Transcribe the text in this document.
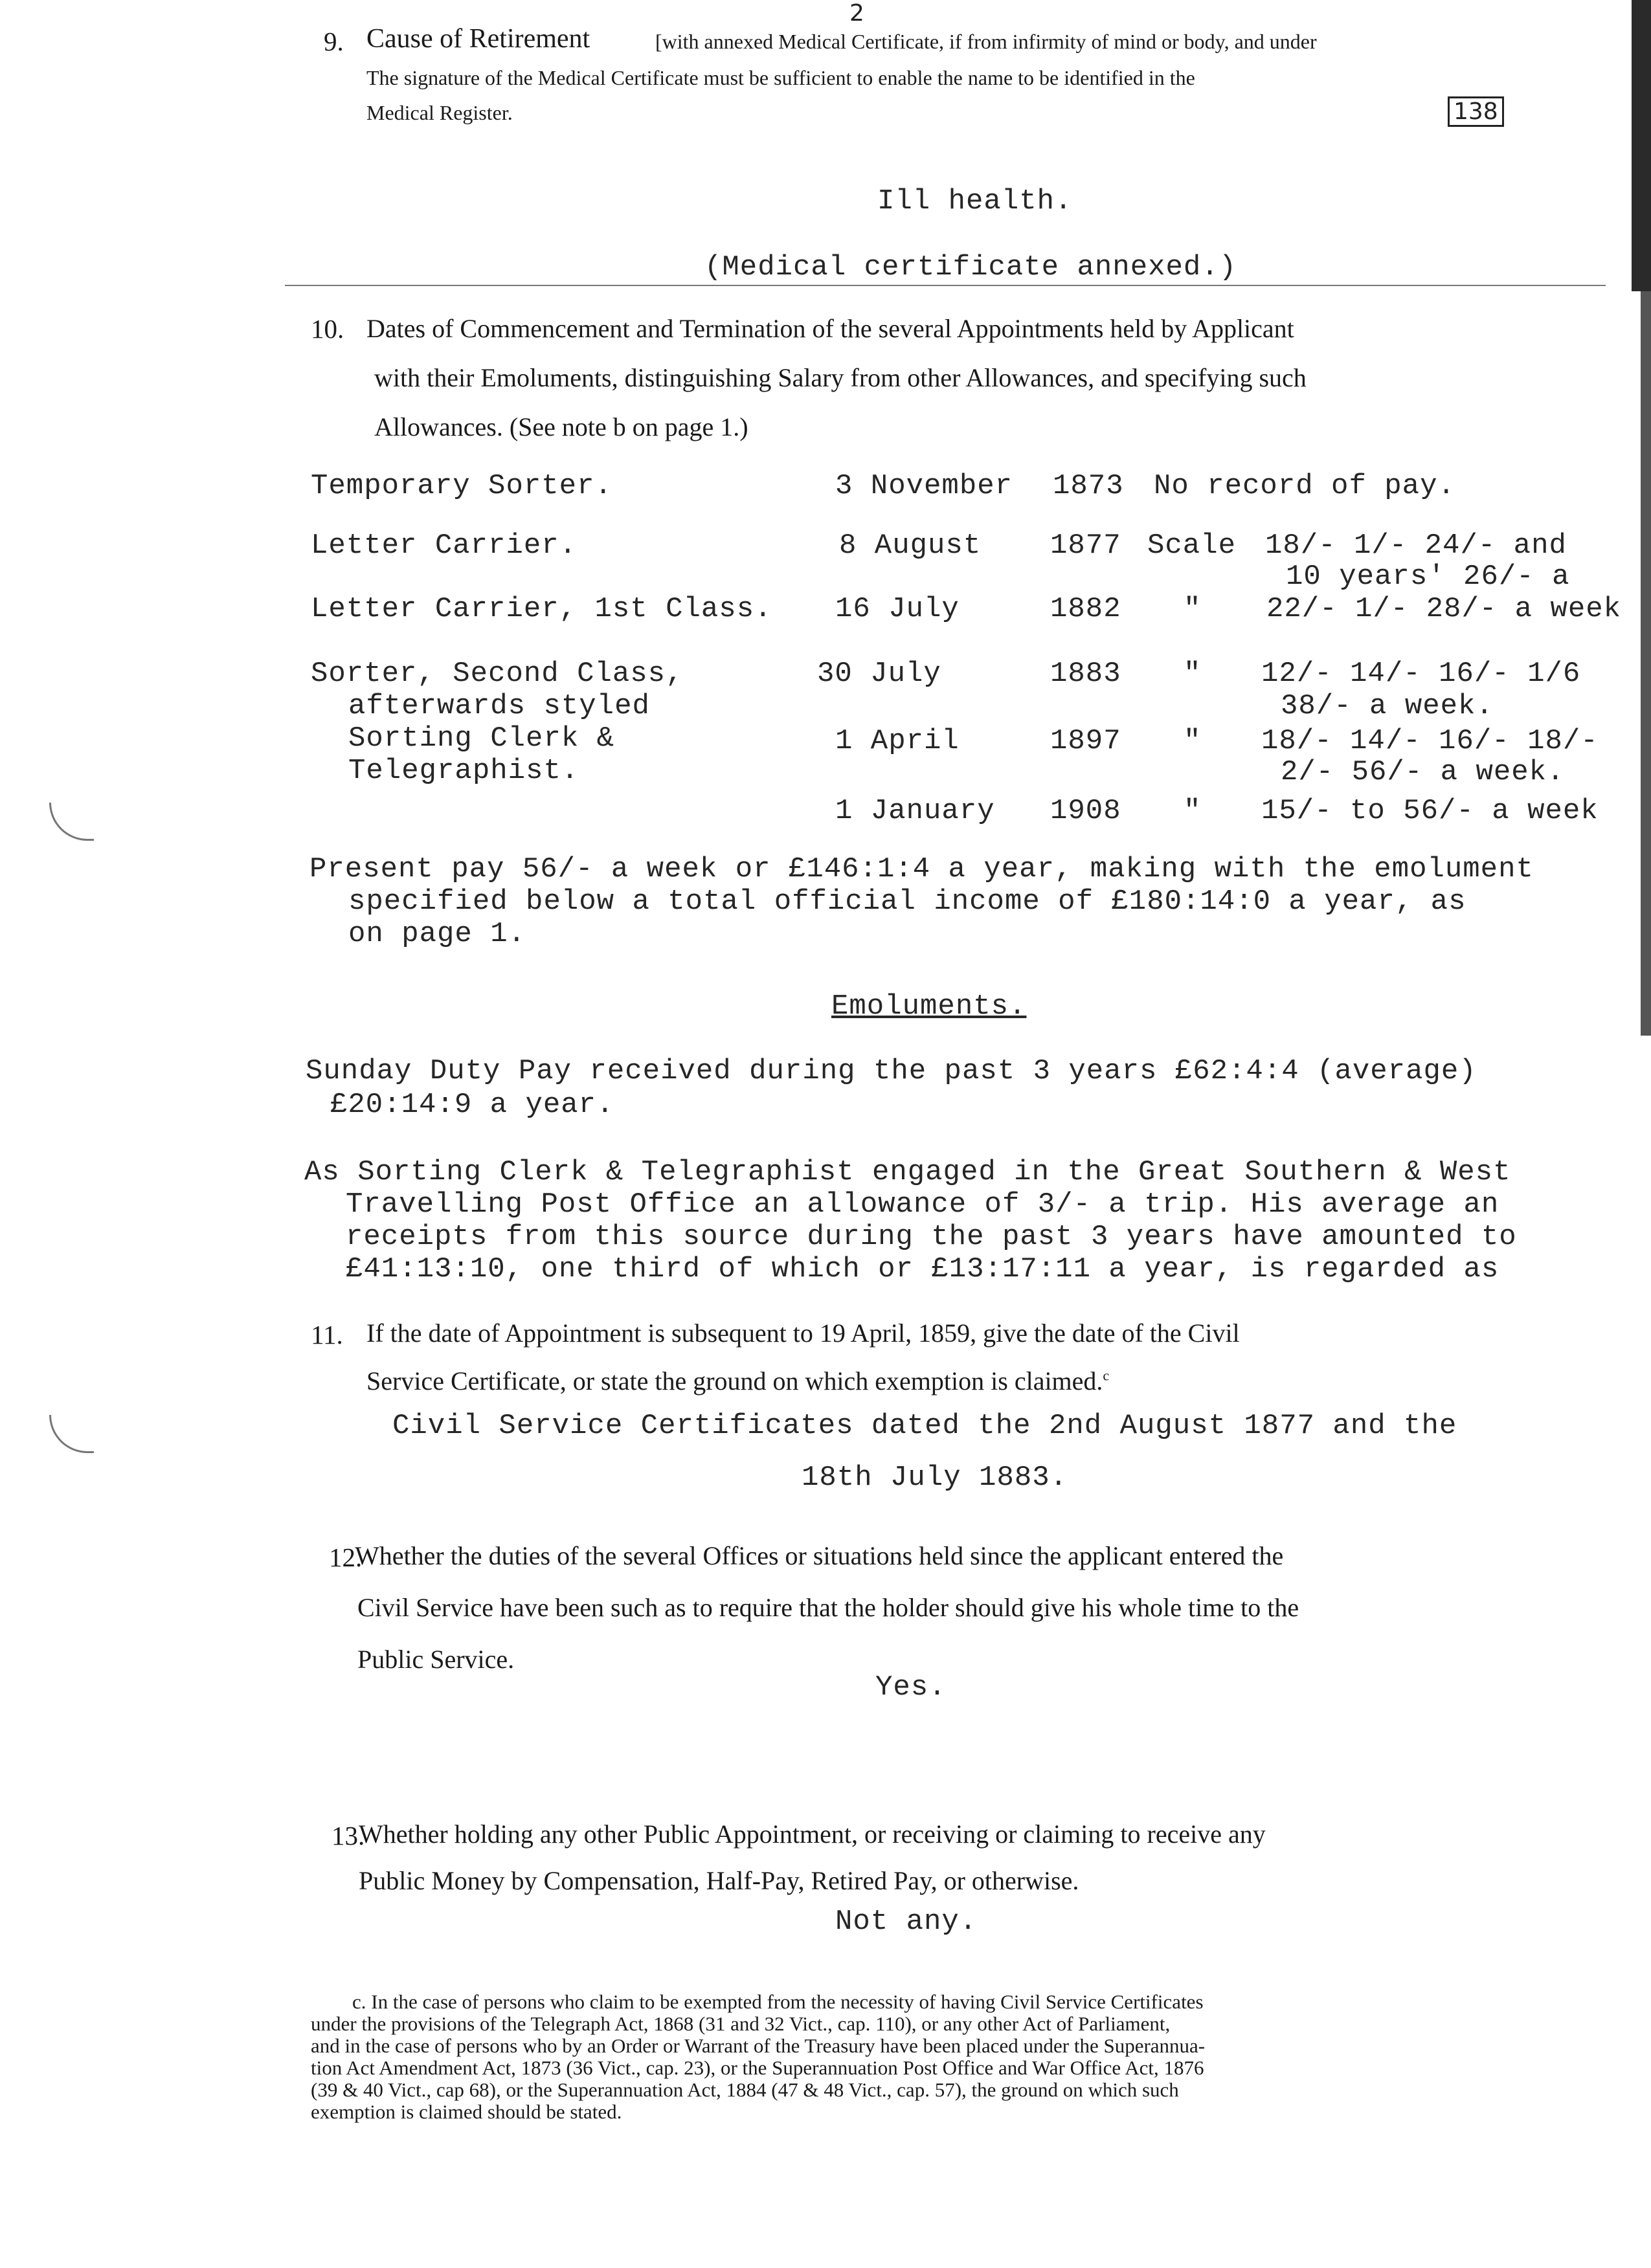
2
9. Cause of Retirement	[with annexed Medical Certificate, if from infirmity of mind or body, and under
The signature of the Medical Certificate must be sufficient to enable the name to be identified in the
Medical Register.	138
Ill health.
(Medical certificate annexed.)
10. Dates of Commencement and Termination of the several Appointments held by Applicant
with their Emoluments, distinguishing Salary from other Allowances, and specifying such
Allowances. (See note b on page 1.)
Temporary Sorter.	3 November 1873 No record of pay.
Letter Carrier.	8 August 1877 Scale 18/- 1/- 24/- and
10 years' 26/- a
Letter Carrier, 1st Class. 16 July	1882 " 22/- 1/- 28/- a week
Sorter, Second Class,
afterwards styled
30 July	1883 " 12/- 14/- 16/- 1/6
38/- a week.
Sorting Clerk &
Telegraphist.
1 April	1897 " 18/- 14/- 16/- 18/-
2/- 56/- a week.
1 January 1908 " 15/- to 56/- a week
Present pay 56/- a week or £146:1:4 a year, making with the emolument
specified below a total official income of £180:14:0 a year, as
on page 1.
Emoluments.
Sunday Duty Pay received during the past 3 years £62:4:4 (average)
£20:14:9 a year.
As Sorting Clerk & Telegraphist engaged in the Great Southern & West
Travelling Post Office an allowance of 3/- a trip. His average an
receipts from this source during the past 3 years have amounted to
£41:13:10, one third of which or £13:17:11 a year, is regarded as
11. If the date of Appointment is subsequent to 19 April, 1859, give the date of the Civil
Service Certificate, or state the ground on which exemption is claimed.$^c$
Civil Service Certificates dated the 2nd August 1877 and the
18th July 1883.
12.
Whether the duties of the several Offices or situations held since the applicant entered the
Civil Service have been such as to require that the holder should give his whole time to the
Public Service.
Yes.
13.
Whether holding any other Public Appointment, or receiving or claiming to receive any
Public Money by Compensation, Half-Pay, Retired Pay, or otherwise.
Not any.
c. In the case of persons who claim to be exempted from the necessity of having Civil Service Certificates
under the provisions of the Telegraph Act, 1868 (31 and 32 Vict., cap. 110), or any other Act of Parliament,
and in the case of persons who by an Order or Warrant of the Treasury have been placed under the Superannua-
tion Act Amendment Act, 1873 (36 Vict., cap. 23), or the Superannuation Post Office and War Office Act, 1876
(39 & 40 Vict., cap 68), or the Superannuation Act, 1884 (47 & 48 Vict., cap. 57), the ground on which such
exemption is claimed should be stated.
